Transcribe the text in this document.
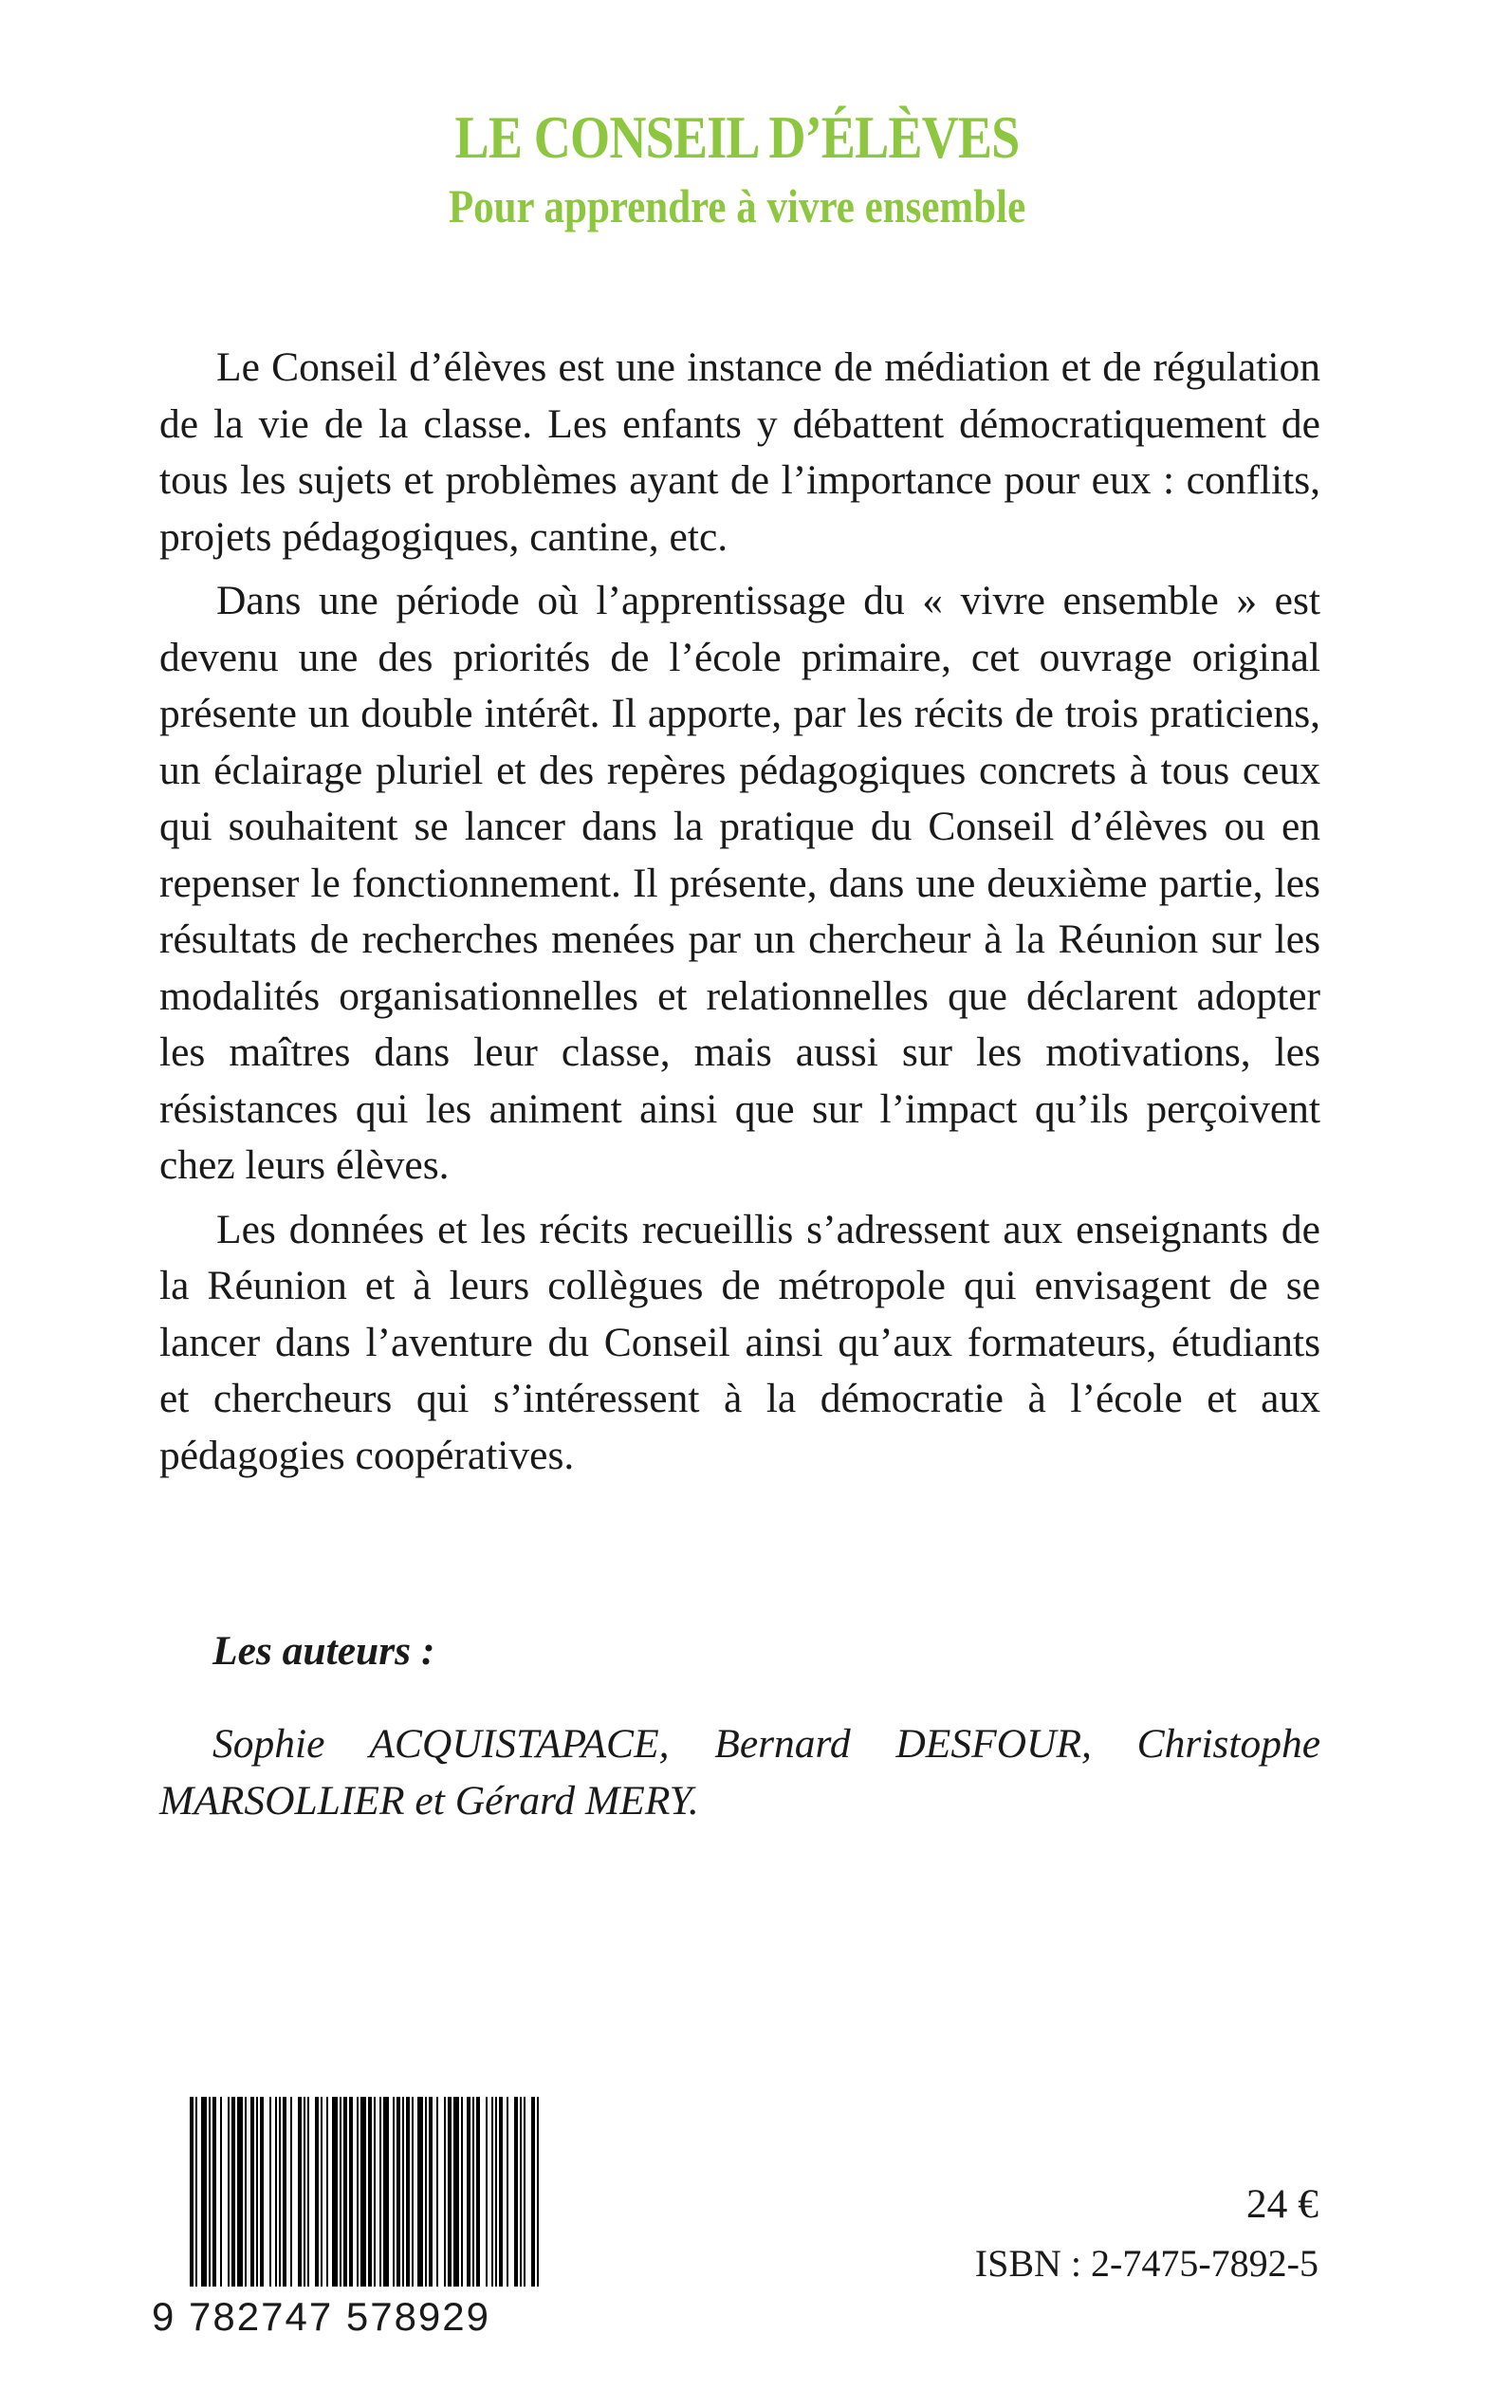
LE CONSEIL D’ÉLÈVES
Pour apprendre à vivre ensemble

Le Conseil d’élèves est une instance de médiation et de régulation de la vie de la classe. Les enfants y débattent démocratiquement de tous les sujets et problèmes ayant de l’importance pour eux : conflits, projets pédagogiques, cantine, etc.

Dans une période où l’apprentissage du « vivre ensemble » est devenu une des priorités de l’école primaire, cet ouvrage original présente un double intérêt. Il apporte, par les récits de trois praticiens, un éclairage pluriel et des repères pédagogiques concrets à tous ceux qui souhaitent se lancer dans la pratique du Conseil d’élèves ou en repenser le fonctionnement. Il présente, dans une deuxième partie, les résultats de recherches menées par un chercheur à la Réunion sur les modalités organisationnelles et relationnelles que déclarent adopter les maîtres dans leur classe, mais aussi sur les motivations, les résistances qui les animent ainsi que sur l’impact qu’ils perçoivent chez leurs élèves.

Les données et les récits recueillis s’adressent aux enseignants de la Réunion et à leurs collègues de métropole qui envisagent de se lancer dans l’aventure du Conseil ainsi qu’aux formateurs, étudiants et chercheurs qui s’intéressent à la démocratie à l’école et aux pédagogies coopératives.

Les auteurs :
Sophie ACQUISTAPACE, Bernard DESFOUR, Christophe MARSOLLIER et Gérard MERY.
9 782747 578929
24 €
ISBN : 2-7475-7892-5
